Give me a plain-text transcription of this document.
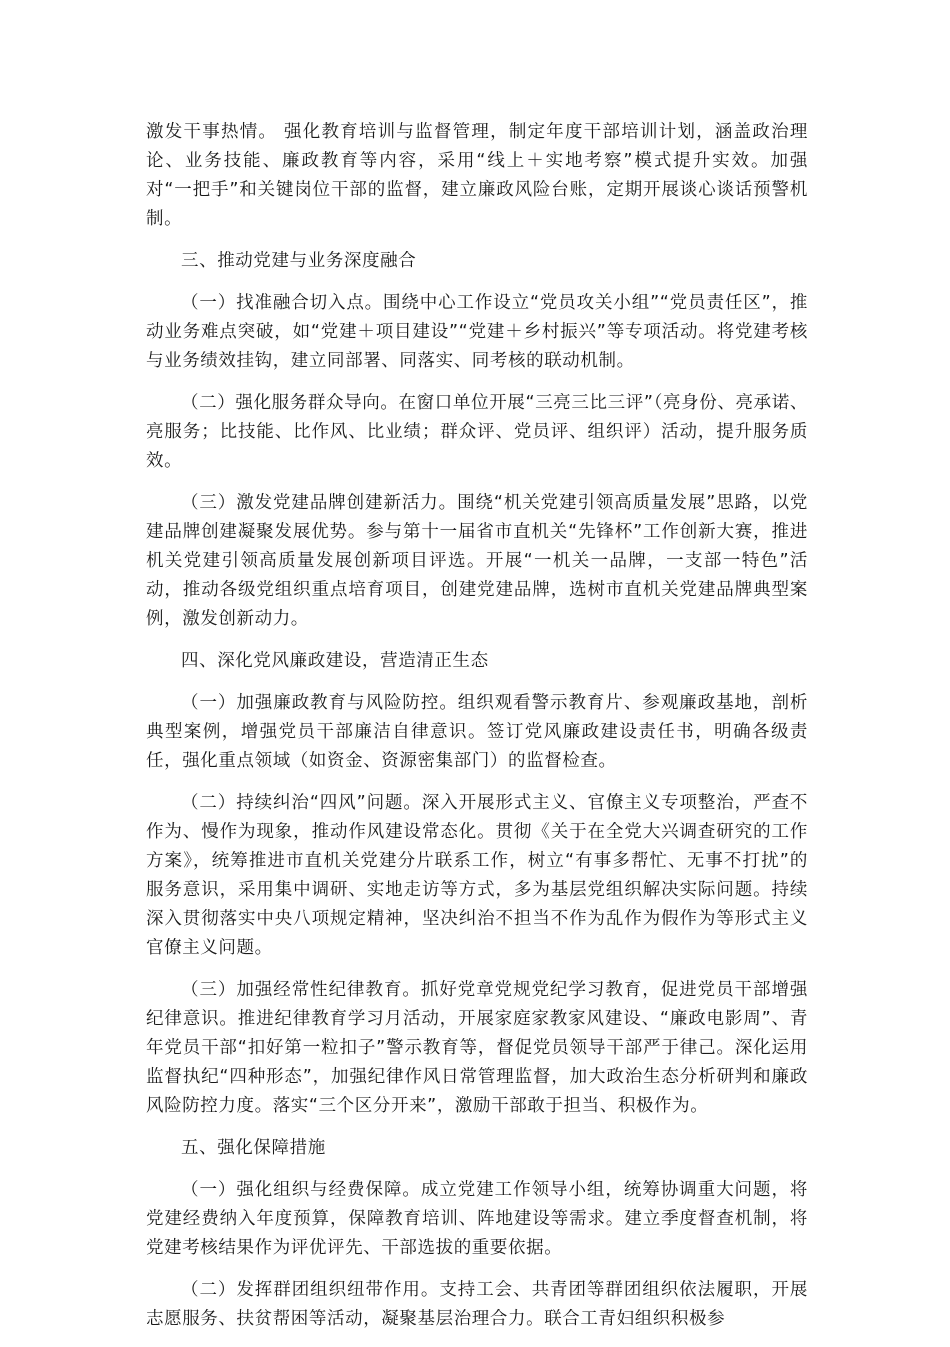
激发干事热情。 强化教育培训与监督管理，制定年度干部培训计划，涵盖政治理论、业务技能、廉政教育等内容，采用“线上＋实地考察”模式提升实效。加强对“一把手”和关键岗位干部的监督，建立廉政风险台账，定期开展谈心谈话预警机制。

三、推动党建与业务深度融合

（一）找准融合切入点。围绕中心工作设立“党员攻关小组”“党员责任区”，推动业务难点突破，如“党建＋项目建设”“党建＋乡村振兴”等专项活动。将党建考核与业务绩效挂钩，建立同部署、同落实、同考核的联动机制。

（二）强化服务群众导向。在窗口单位开展“三亮三比三评”（亮身份、亮承诺、亮服务；比技能、比作风、比业绩；群众评、党员评、组织评）活动，提升服务质效。

（三）激发党建品牌创建新活力。围绕“机关党建引领高质量发展”思路，以党建品牌创建凝聚发展优势。参与第十一届省市直机关“先锋杯”工作创新大赛，推进机关党建引领高质量发展创新项目评选。开展“一机关一品牌，一支部一特色”活动，推动各级党组织重点培育项目，创建党建品牌，选树市直机关党建品牌典型案例，激发创新动力。

四、深化党风廉政建设，营造清正生态

（一）加强廉政教育与风险防控。组织观看警示教育片、参观廉政基地，剖析典型案例，增强党员干部廉洁自律意识。签订党风廉政建设责任书，明确各级责任，强化重点领域（如资金、资源密集部门）的监督检查。

（二）持续纠治“四风”问题。深入开展形式主义、官僚主义专项整治，严查不作为、慢作为现象，推动作风建设常态化。贯彻《关于在全党大兴调查研究的工作方案》，统筹推进市直机关党建分片联系工作，树立“有事多帮忙、无事不打扰”的服务意识，采用集中调研、实地走访等方式，多为基层党组织解决实际问题。持续深入贯彻落实中央八项规定精神，坚决纠治不担当不作为乱作为假作为等形式主义官僚主义问题。

（三）加强经常性纪律教育。抓好党章党规党纪学习教育，促进党员干部增强纪律意识。推进纪律教育学习月活动，开展家庭家教家风建设、“廉政电影周”、青年党员干部“扣好第一粒扣子”警示教育等，督促党员领导干部严于律己。深化运用监督执纪“四种形态”，加强纪律作风日常管理监督，加大政治生态分析研判和廉政风险防控力度。落实“三个区分开来”，激励干部敢于担当、积极作为。

五、强化保障措施

（一）强化组织与经费保障。成立党建工作领导小组，统筹协调重大问题，将党建经费纳入年度预算，保障教育培训、阵地建设等需求。建立季度督查机制，将党建考核结果作为评优评先、干部选拔的重要依据。

（二）发挥群团组织纽带作用。支持工会、共青团等群团组织依法履职，开展志愿服务、扶贫帮困等活动，凝聚基层治理合力。联合工青妇组织积极参
